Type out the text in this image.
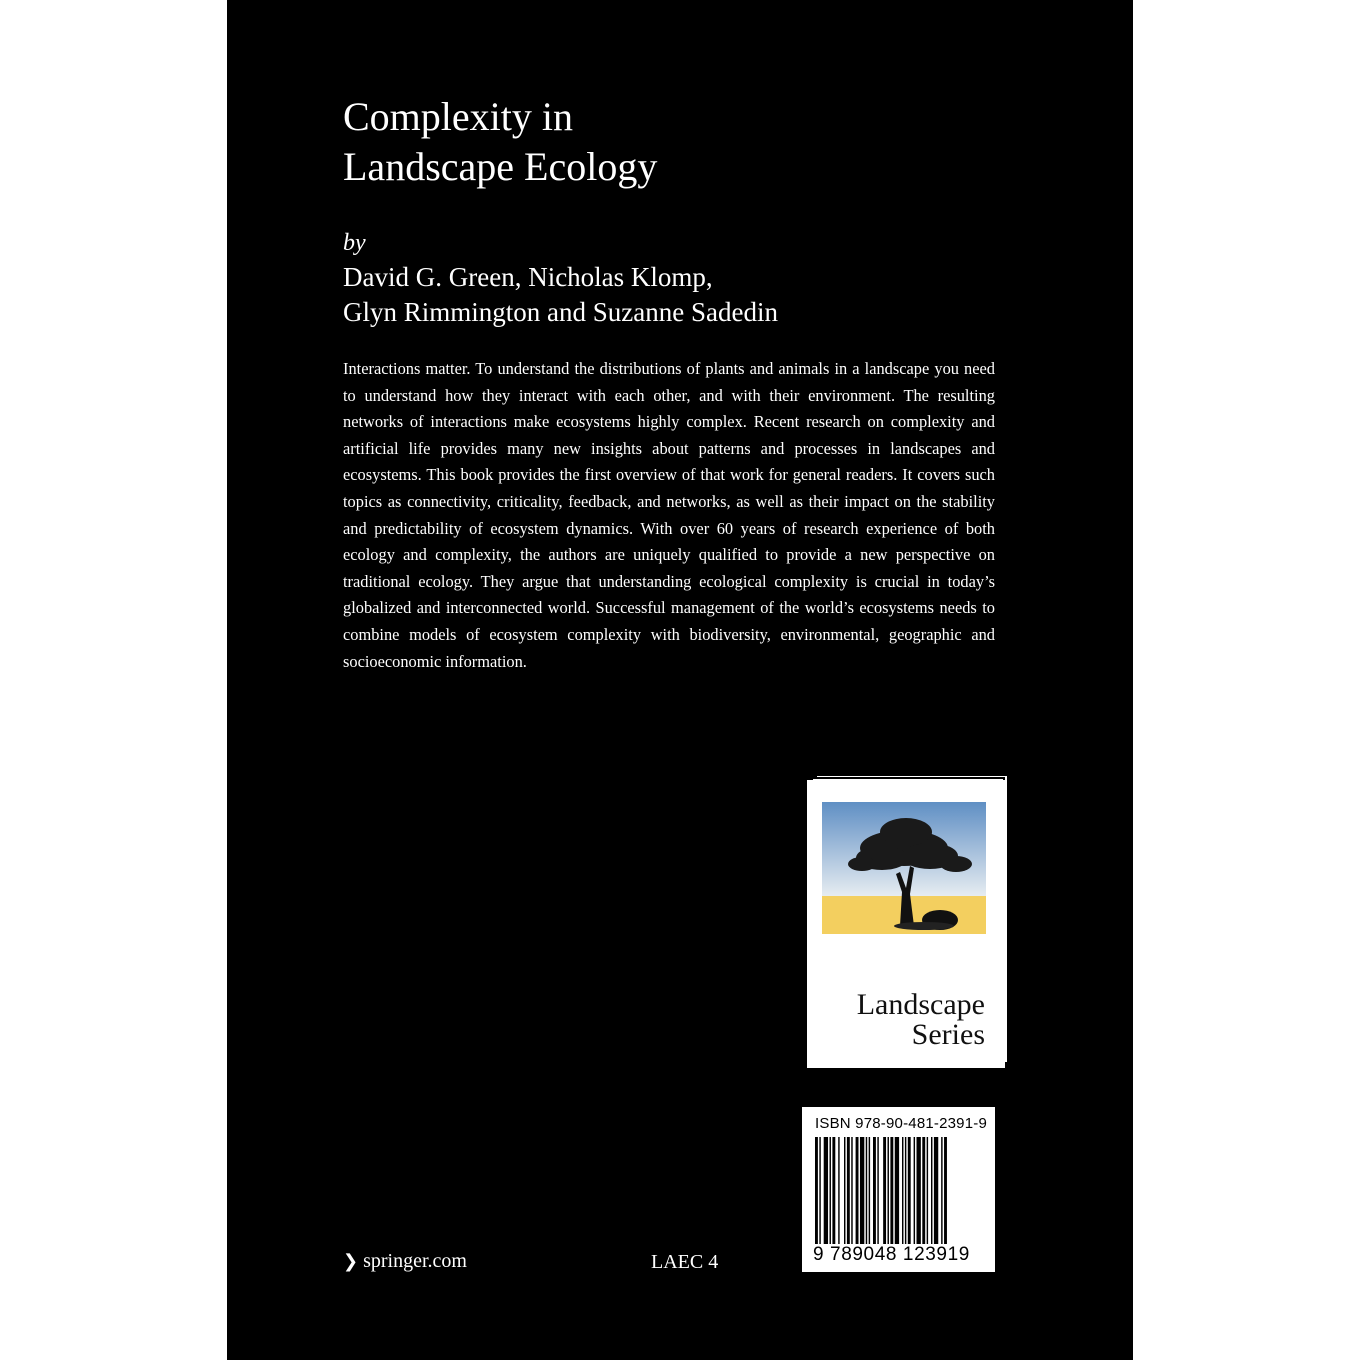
Complexity in
Landscape Ecology
by
David G. Green, Nicholas Klomp,
Glyn Rimmington and Suzanne Sadedin

Interactions matter. To understand the distributions of plants and animals in a landscape you need to understand how they interact with each other, and with their environment. The resulting networks of interactions make ecosystems highly complex. Recent research on complexity and artificial life provides many new insights about patterns and processes in landscapes and ecosystems. This book provides the first overview of that work for general readers. It covers such topics as connectivity, criticality, feedback, and networks, as well as their impact on the stability and predictability of ecosystem dynamics. With over 60 years of research experience of both ecology and complexity, the authors are uniquely qualified to provide a new perspective on traditional ecology. They argue that understanding ecological complexity is crucial in today’s globalized and interconnected world. Successful management of the world’s ecosystems needs to combine models of ecosystem complexity with biodiversity, environmental, geographic and socioeconomic information.

Landscape
Series
ISBN 978-90-481-2391-9
9 789048 123919
❯ springer.com	LAEC 4
